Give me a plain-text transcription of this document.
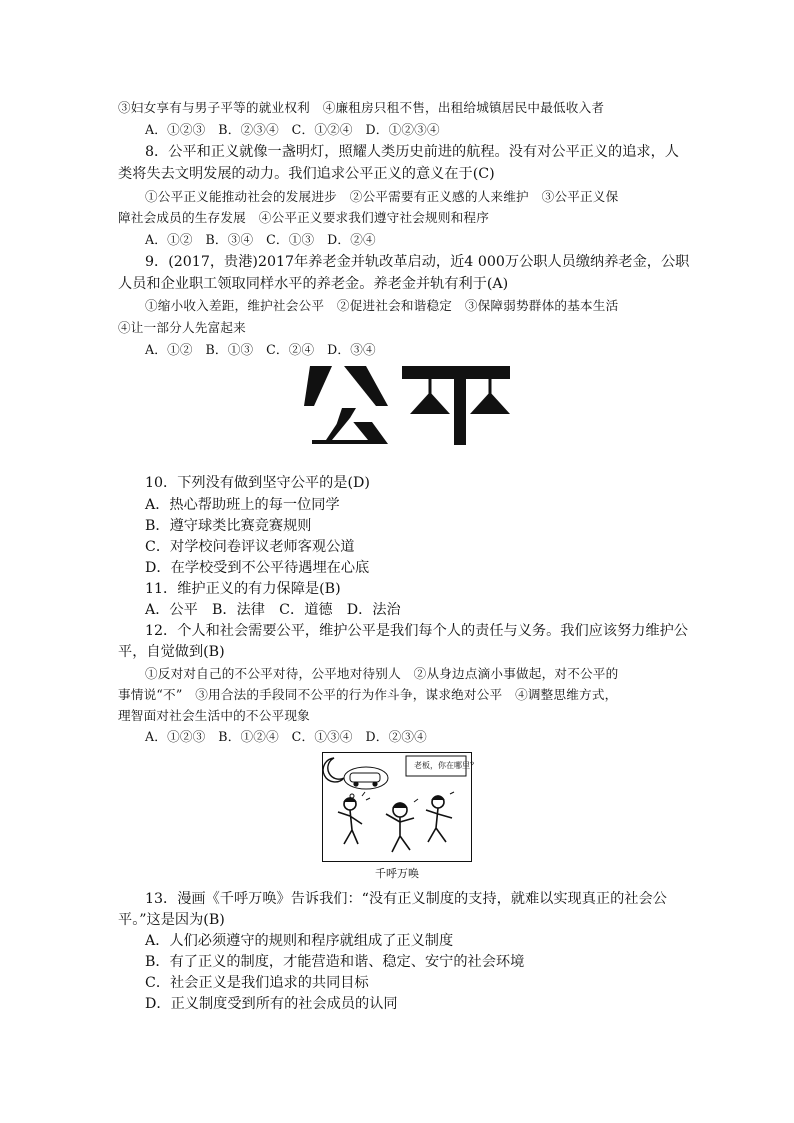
③妇女享有与男子平等的就业权利　④廉租房只租不售，出租给城镇居民中最低收入者
A．①②③　B．②③④　C．①②④　D．①②③④
8．公平和正义就像一盏明灯，照耀人类历史前进的航程。没有对公平正义的追求，人
类将失去文明发展的动力。我们追求公平正义的意义在于(C)
①公平正义能推动社会的发展进步　②公平需要有正义感的人来维护　③公平正义保
障社会成员的生存发展　④公平正义要求我们遵守社会规则和程序
A．①②　B．③④　C．①③　D．②④
9．(2017，贵港)2017年养老金并轨改革启动，近4 000万公职人员缴纳养老金，公职
人员和企业职工领取同样水平的养老金。养老金并轨有利于(A)
①缩小收入差距，维护社会公平　②促进社会和谐稳定　③保障弱势群体的基本生活
④让一部分人先富起来
A．①②　B．①③　C．②④　D．③④
10．下列没有做到坚守公平的是(D)
A．热心帮助班上的每一位同学
B．遵守球类比赛竞赛规则
C．对学校问卷评议老师客观公道
D．在学校受到不公平待遇埋在心底
11．维护正义的有力保障是(B)
A．公平　B．法律　C．道德　D．法治
12．个人和社会需要公平，维护公平是我们每个人的责任与义务。我们应该努力维护公
平，自觉做到(B)
①反对对自己的不公平对待，公平地对待别人　②从身边点滴小事做起，对不公平的
事情说“不”　③用合法的手段同不公平的行为作斗争，谋求绝对公平　④调整思维方式，
理智面对社会生活中的不公平现象
A．①②③　B．①②④　C．①③④　D．②③④
老板，你在哪里？
千呼万唤
13．漫画《千呼万唤》告诉我们：“没有正义制度的支持，就难以实现真正的社会公
平。”这是因为(B)
A．人们必须遵守的规则和程序就组成了正义制度
B．有了正义的制度，才能营造和谐、稳定、安宁的社会环境
C．社会正义是我们追求的共同目标
D．正义制度受到所有的社会成员的认同
